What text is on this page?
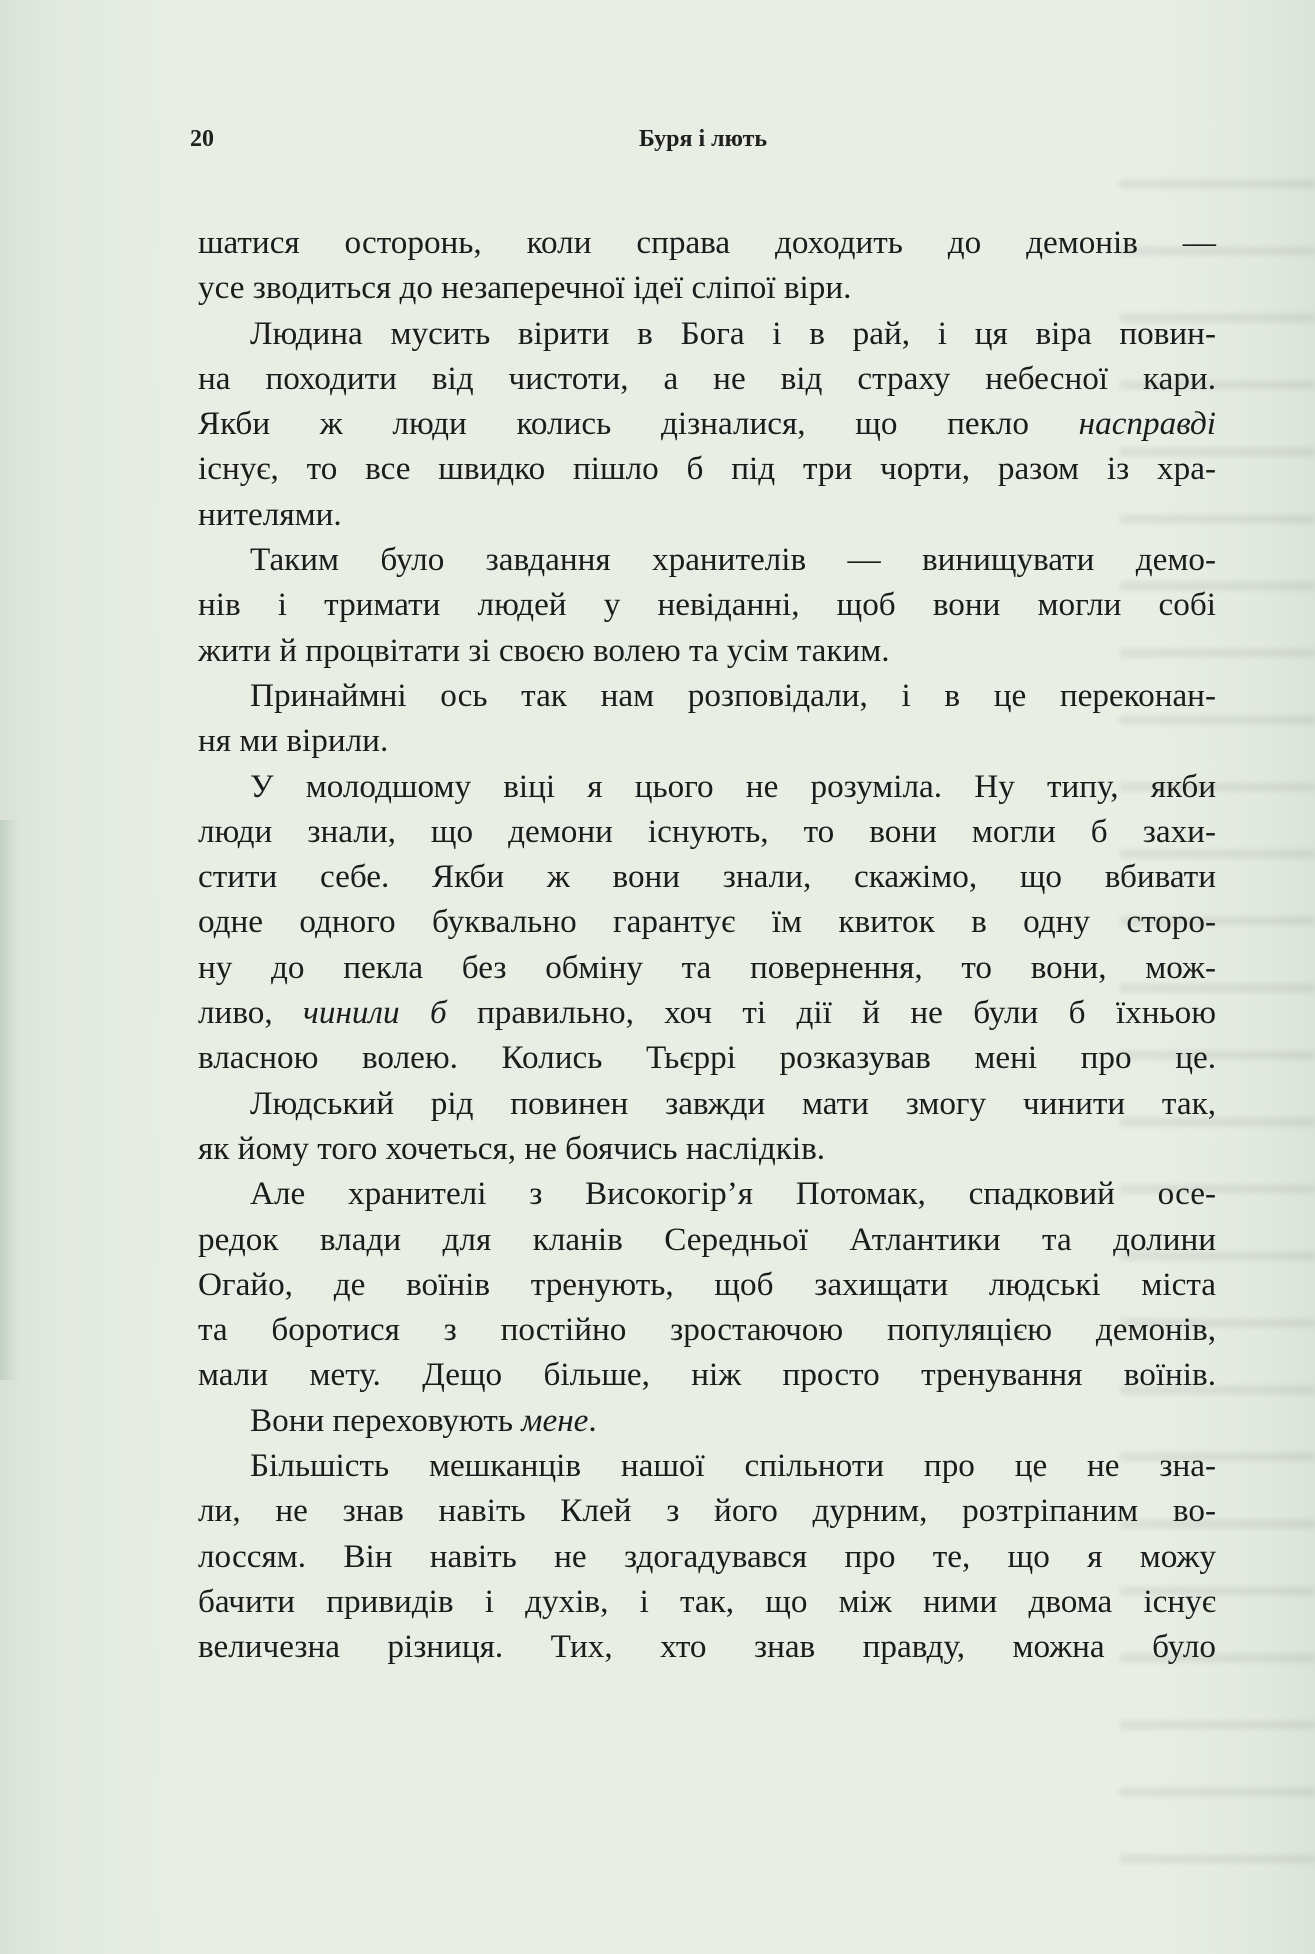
20	Буря і лють
шатися осторонь, коли справа доходить до демонів —
усе зводиться до незаперечної ідеї сліпої віри.
Людина мусить вірити в Бога і в рай, і ця віра повин-
на походити від чистоти, а не від страху небесної кари.
Якби ж люди колись дізналися, що пекло насправді
існує, то все швидко пішло б під три чорти, разом із хра-
нителями.
Таким було завдання хранителів — винищувати демо-
нів і тримати людей у невіданні, щоб вони могли собі
жити й процвітати зі своєю волею та усім таким.
Принаймні ось так нам розповідали, і в це переконан-
ня ми вірили.
У молодшому віці я цього не розуміла. Ну типу, якби
люди знали, що демони існують, то вони могли б захи-
стити себе. Якби ж вони знали, скажімо, що вбивати
одне одного буквально гарантує їм квиток в одну сторо-
ну до пекла без обміну та повернення, то вони, мож-
ливо, чинили б правильно, хоч ті дії й не були б їхньою
власною волею. Колись Тьєррі розказував мені про це.
Людський рід повинен завжди мати змогу чинити так,
як йому того хочеться, не боячись наслідків.
Але хранителі з Високогір’я Потомак, спадковий осе-
редок влади для кланів Середньої Атлантики та долини
Огайо, де воїнів тренують, щоб захищати людські міста
та боротися з постійно зростаючою популяцією демонів,
мали мету. Дещо більше, ніж просто тренування воїнів.
Вони переховують мене.
Більшість мешканців нашої спільноти про це не зна-
ли, не знав навіть Клей з його дурним, розтріпаним во-
лоссям. Він навіть не здогадувався про те, що я можу
бачити привидів і духів, і так, що між ними двома існує
величезна різниця. Тих, хто знав правду, можна було
